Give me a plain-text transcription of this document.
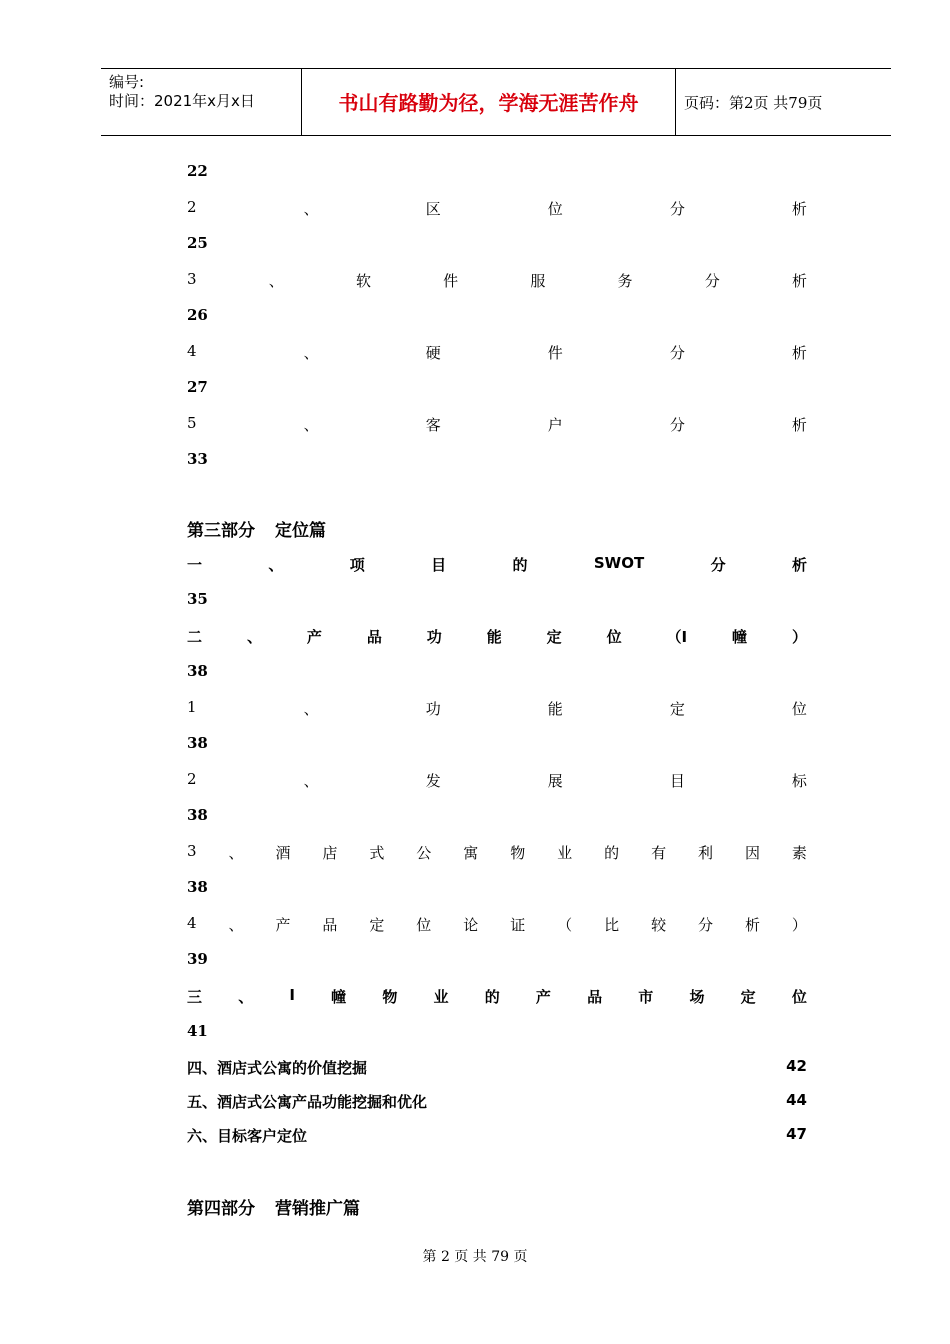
编号:
时间：2021年x月x日	书山有路勤为径，学海无涯苦作舟	页码：第2页 共79页
22
2	、	区	位	分	析
25
3	、	软	件	服	务	分	析
26
4	、	硬	件	分	析
27
5	、	客	户	分	析
33
第三部分 定位篇
一	、	项	目	的	SWOT	分	析
35
二	、	产	品	功	能	定	位	（I	幢	）
38
1	、	功	能	定	位
38
2	、	发	展	目	标
38
3 、 酒 店 式 公 寓 物 业 的 有 利 因 素
38
4 、 产 品 定 位 论 证 （ 比 较 分 析 ）
39
三 、 I 幢 物 业 的 产 品 市 场 定 位
41
四、酒店式公寓的价值挖掘	42
五、酒店式公寓产品功能挖掘和优化	44
六、目标客户定位	47
第四部分 营销推广篇
第 2 页 共 79 页
